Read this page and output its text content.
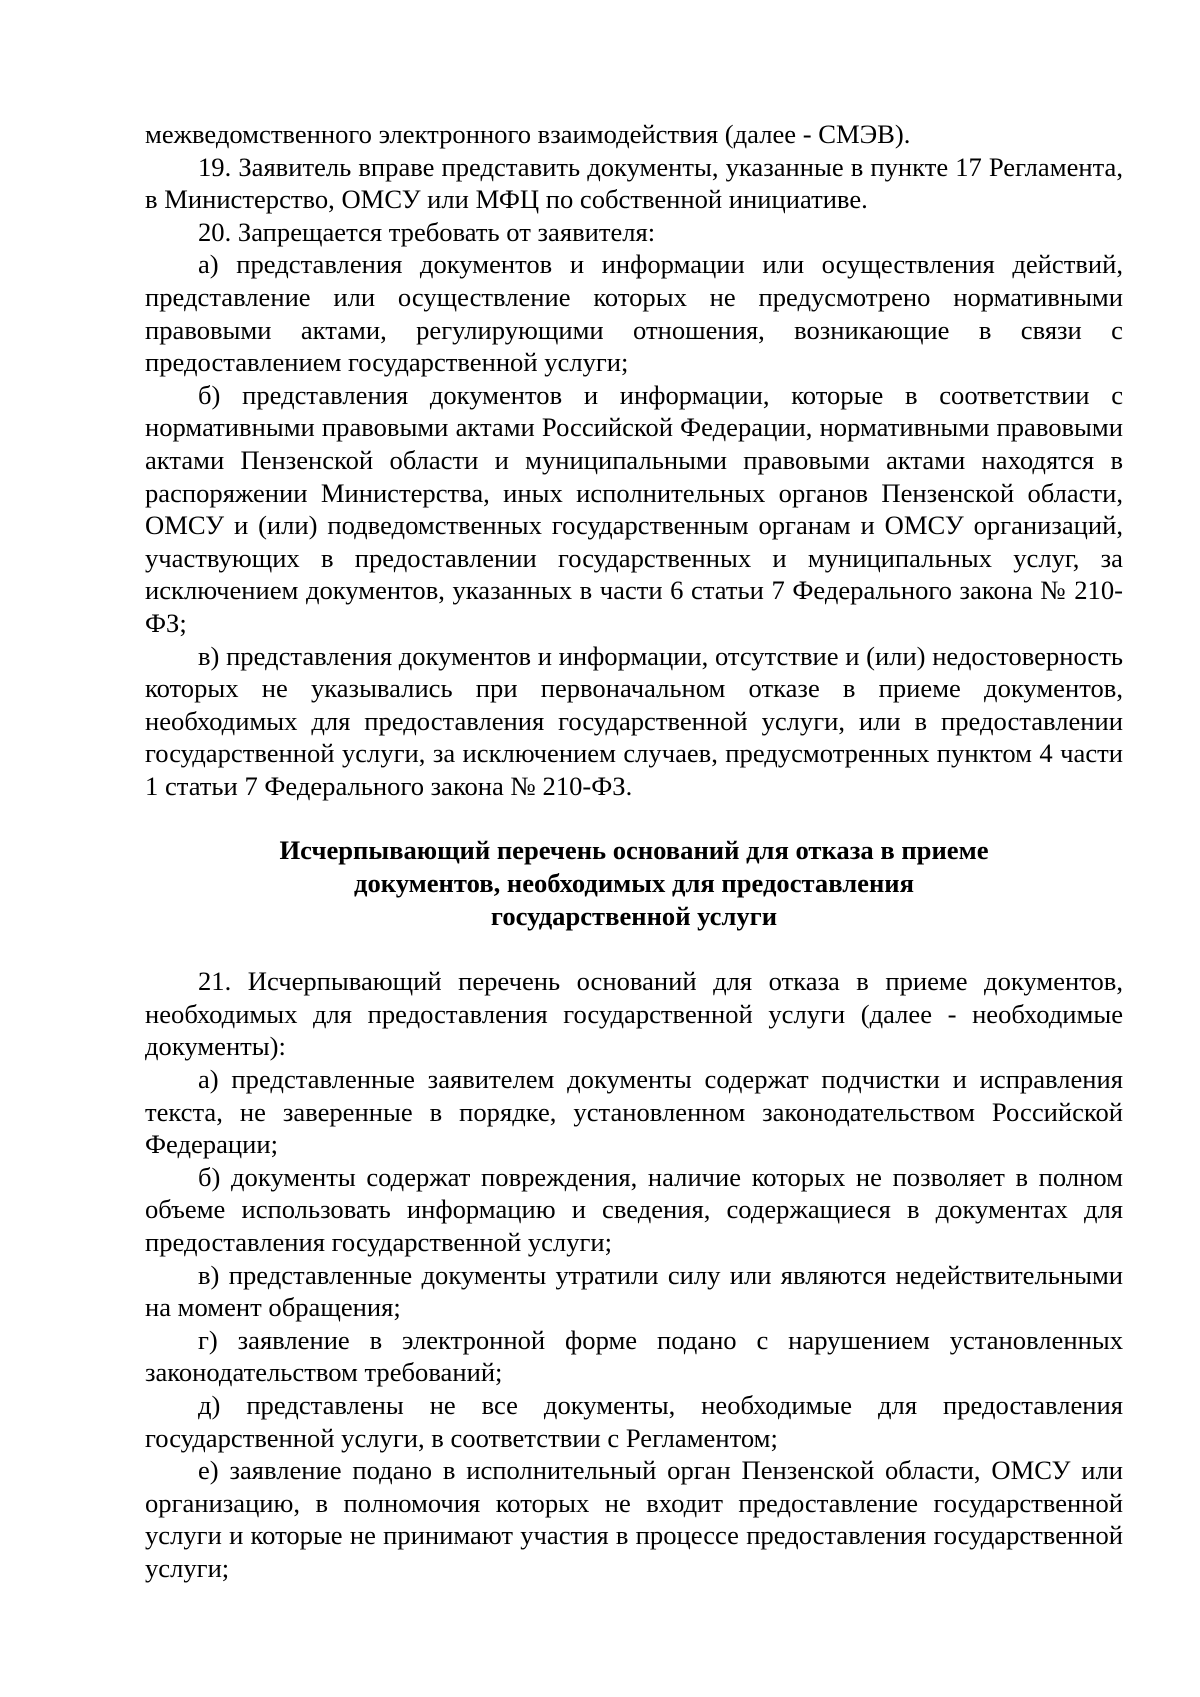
межведомственного электронного взаимодействия (далее - СМЭВ).

19. Заявитель вправе представить документы, указанные в пункте 17 Регламента, в Министерство, ОМСУ или МФЦ по собственной инициативе.

20. Запрещается требовать от заявителя:

а) представления документов и информации или осуществления действий, представление или осуществление которых не предусмотрено нормативными правовыми актами, регулирующими отношения, возникающие в связи с предоставлением государственной услуги;

б) представления документов и информации, которые в соответствии с нормативными правовыми актами Российской Федерации, нормативными правовыми актами Пензенской области и муниципальными правовыми актами находятся в распоряжении Министерства, иных исполнительных органов Пензенской области, ОМСУ и (или) подведомственных государственным органам и ОМСУ организаций, участвующих в предоставлении государственных и муниципальных услуг, за исключением документов, указанных в части 6 статьи 7 Федерального закона № 210-ФЗ;

в) представления документов и информации, отсутствие и (или) недостоверность которых не указывались при первоначальном отказе в приеме документов, необходимых для предоставления государственной услуги, или в предоставлении государственной услуги, за исключением случаев, предусмотренных пунктом 4 части 1 статьи 7 Федерального закона № 210-ФЗ.

Исчерпывающий перечень оснований для отказа в приеме
документов, необходимых для предоставления
государственной услуги

21. Исчерпывающий перечень оснований для отказа в приеме документов, необходимых для предоставления государственной услуги (далее - необходимые документы):

а) представленные заявителем документы содержат подчистки и исправления текста, не заверенные в порядке, установленном законодательством Российской Федерации;

б) документы содержат повреждения, наличие которых не позволяет в полном объеме использовать информацию и сведения, содержащиеся в документах для предоставления государственной услуги;

в) представленные документы утратили силу или являются недействительными на момент обращения;

г) заявление в электронной форме подано с нарушением установленных законодательством требований;

д) представлены не все документы, необходимые для предоставления государственной услуги, в соответствии с Регламентом;

е) заявление подано в исполнительный орган Пензенской области, ОМСУ или организацию, в полномочия которых не входит предоставление государственной услуги и которые не принимают участия в процессе предоставления государственной услуги;
